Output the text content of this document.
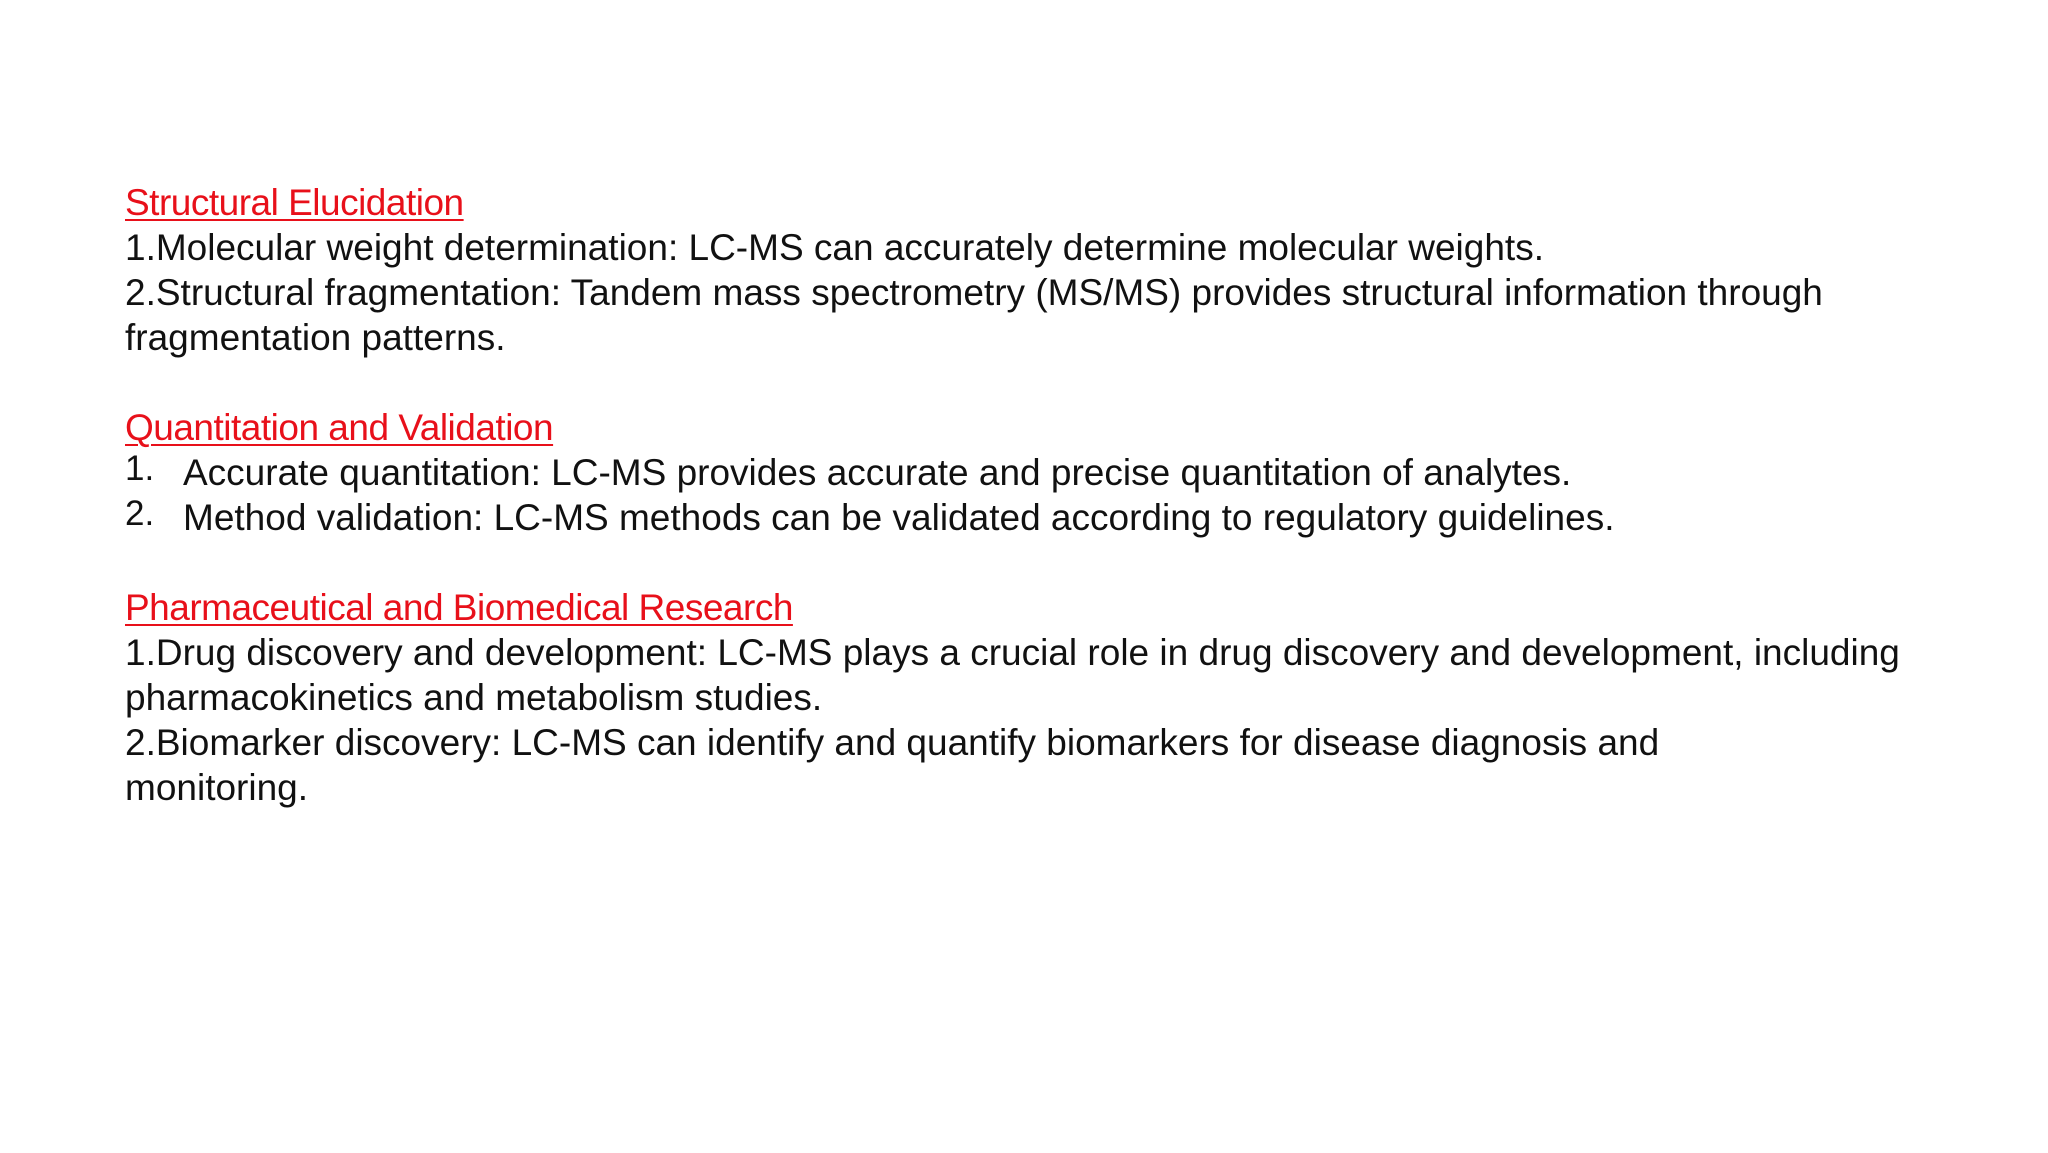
Structural Elucidation
1.Molecular weight determination: LC-MS can accurately determine molecular weights.
2.Structural fragmentation: Tandem mass spectrometry (MS/MS) provides structural information through fragmentation patterns.
Quantitation and Validation
1. Accurate quantitation: LC-MS provides accurate and precise quantitation of analytes.
2. Method validation: LC-MS methods can be validated according to regulatory guidelines.
Pharmaceutical and Biomedical Research
1.Drug discovery and development: LC-MS plays a crucial role in drug discovery and development, including pharmacokinetics and metabolism studies.
2.Biomarker discovery: LC-MS can identify and quantify biomarkers for disease diagnosis and monitoring.
